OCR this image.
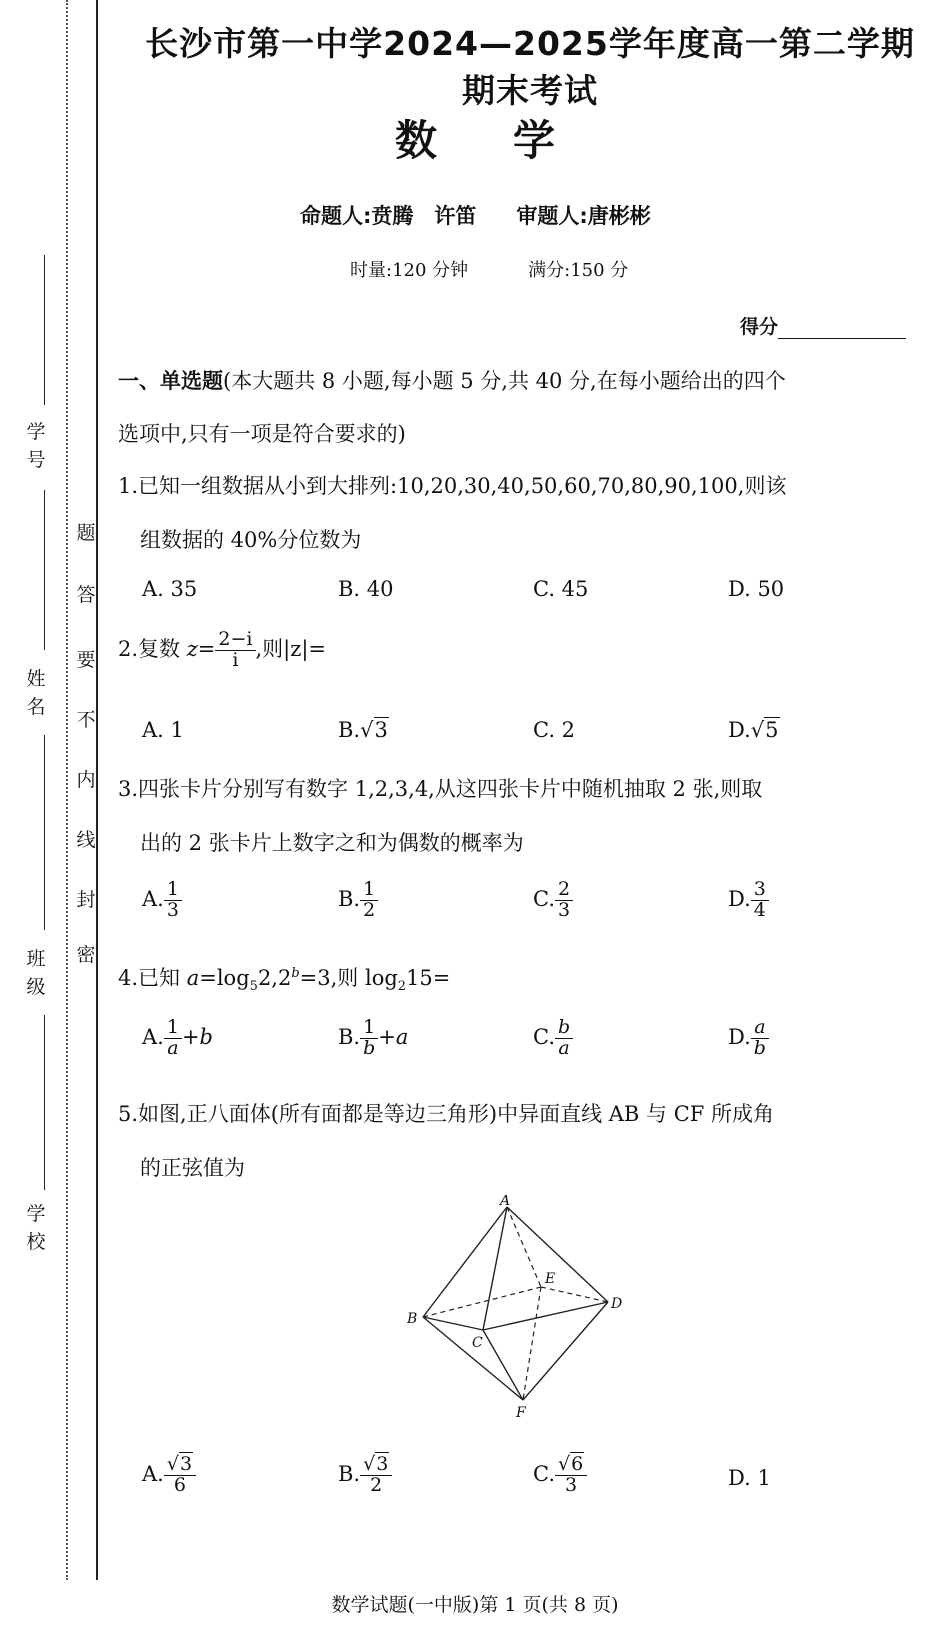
学 号
姓 名
班 级
学 校
密
封
线
内
不
要
答
题
长沙市第一中学2024—2025学年度高一第二学期期末考试
数 学
命题人:贲腾　许笛 审题人:唐彬彬
时量:120 分钟	满分:150 分
得分
一、单选题(本大题共 8 小题,每小题 5 分,共 40 分,在每小题给出的四个
选项中,只有一项是符合要求的)
1.已知一组数据从小到大排列:10,20,30,40,50,60,70,80,90,100,则该
组数据的 40%分位数为
A. 35	B. 40	C. 45	D. 50
2.复数 $z= \frac{2-i}{i}$ ,则|z|=
A. 1	B.√3	C. 2	D.√5
3.四张卡片分别写有数字 1,2,3,4,从这四张卡片中随机抽取 2 张,则取
出的 2 张卡片上数字之和为偶数的概率为
A. $\frac{1}{3}$	B. $\frac{1}{2}$	C. $\frac{2}{3}$	D. $\frac{3}{4}$
4.已知 $a=\log_52,2^b=3$,则 $\log_215=$
A. $\frac{1}{a} +b$	B. $\frac{1}{b} +a$	C. $\frac{b}{a}$	D. $\frac{a}{b}$
5.如图,正八面体(所有面都是等边三角形)中异面直线 AB 与 CF 所成角
的正弦值为
A
B
C
D
E
F
A. $\frac{√3}{6}$	B. $\frac{√3}{2}$	C. $\frac{√6}{3}$	D. 1
数学试题(一中版)第 1 页(共 8 页)
